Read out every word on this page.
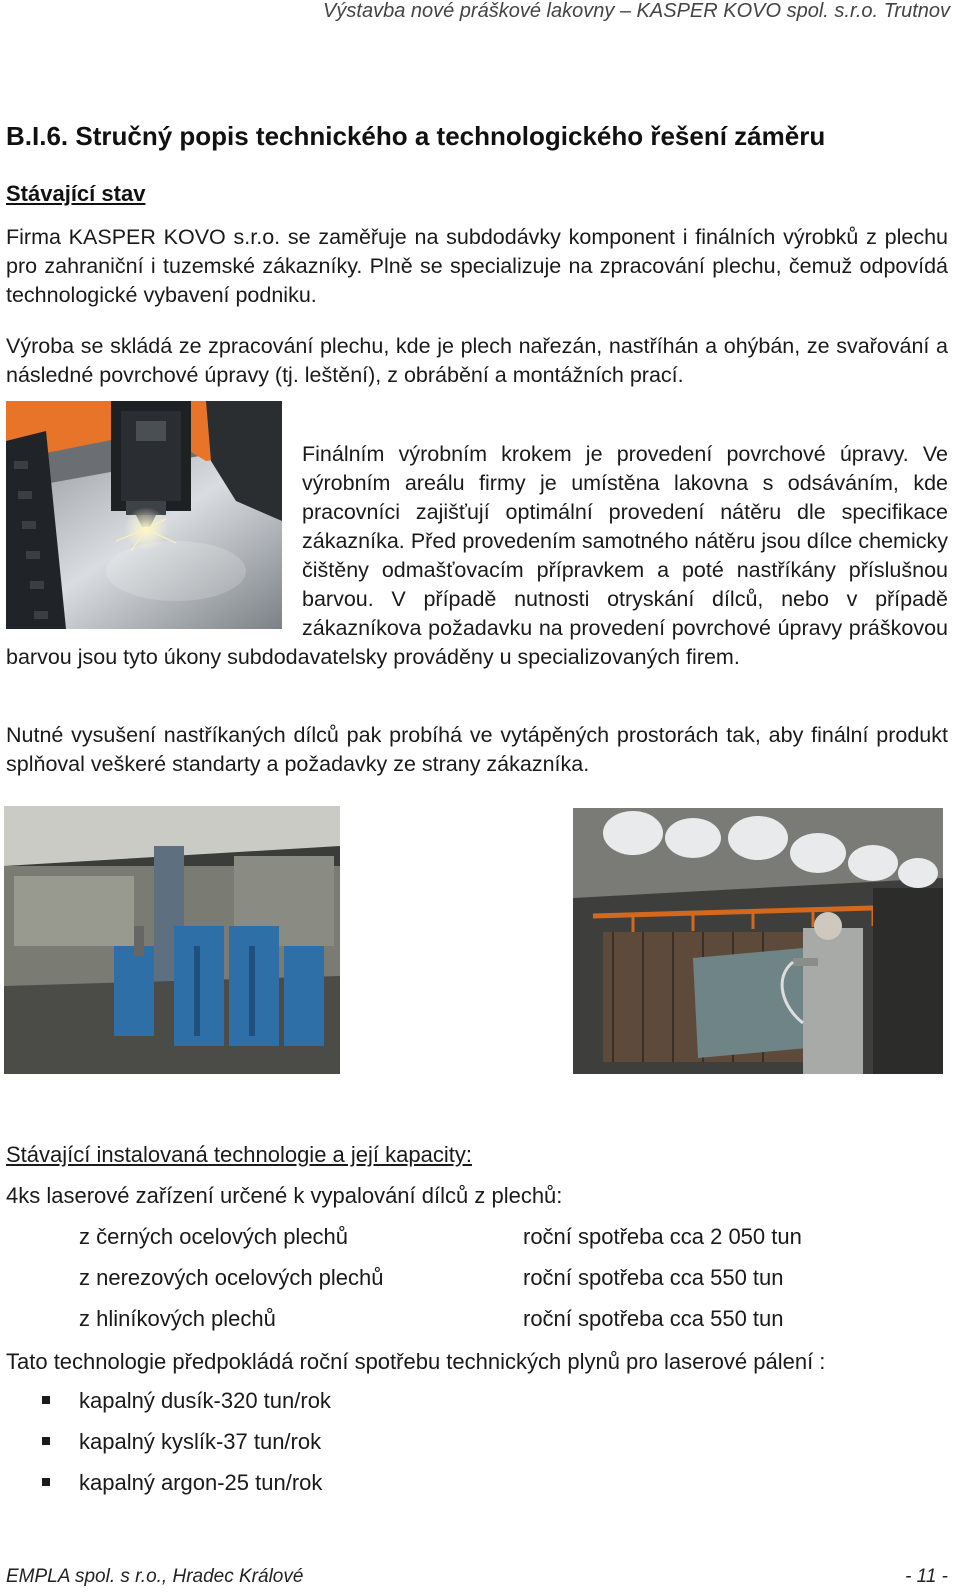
Výstavba nové práškové lakovny – KASPER KOVO spol. s.r.o. Trutnov
B.I.6. Stručný popis technického a technologického řešení záměru
Stávající stav
Firma KASPER KOVO s.r.o. se zaměřuje na subdodávky komponent i finálních výrobků z plechu pro zahraniční i tuzemské zákazníky. Plně se specializuje na zpracování plechu, čemuž odpovídá technologické vybavení podniku.
Výroba se skládá ze zpracování plechu, kde je plech nařezán, nastříhán a ohýbán, ze svařování a následné povrchové úpravy (tj. leštění), z obrábění a montážních prací.
Finálním výrobním krokem je provedení povrchové úpravy. Ve výrobním areálu firmy je umístěna lakovna s odsáváním, kde pracovníci zajišťují optimální provedení nátěru dle specifikace zákazníka. Před provedením samotného nátěru jsou dílce chemicky čištěny odmašťovacím přípravkem a poté nastříkány příslušnou barvou. V případě nutnosti otryskání dílců, nebo v případě zákazníkova požadavku na provedení povrchové úpravy práškovou barvou jsou tyto úkony subdodavatelsky prováděny u specializovaných firem.
Nutné vysušení nastříkaných dílců pak probíhá ve vytápěných prostorách tak, aby finální produkt splňoval veškeré standarty a požadavky ze strany zákazníka.
Stávající instalovaná technologie a její kapacity:
4ks laserové zařízení určené k vypalování dílců z plechů:
z černých ocelových plechů	roční spotřeba cca 2 050 tun
z nerezových ocelových plechů	roční spotřeba cca 550 tun
z hliníkových plechů	roční spotřeba cca 550 tun
Tato technologie předpokládá roční spotřebu technických plynů pro laserové pálení :
kapalný dusík-320 tun/rok
kapalný kyslík-37 tun/rok
kapalný argon-25 tun/rok
EMPLA spol. s r.o., Hradec Králové	- 11 -
